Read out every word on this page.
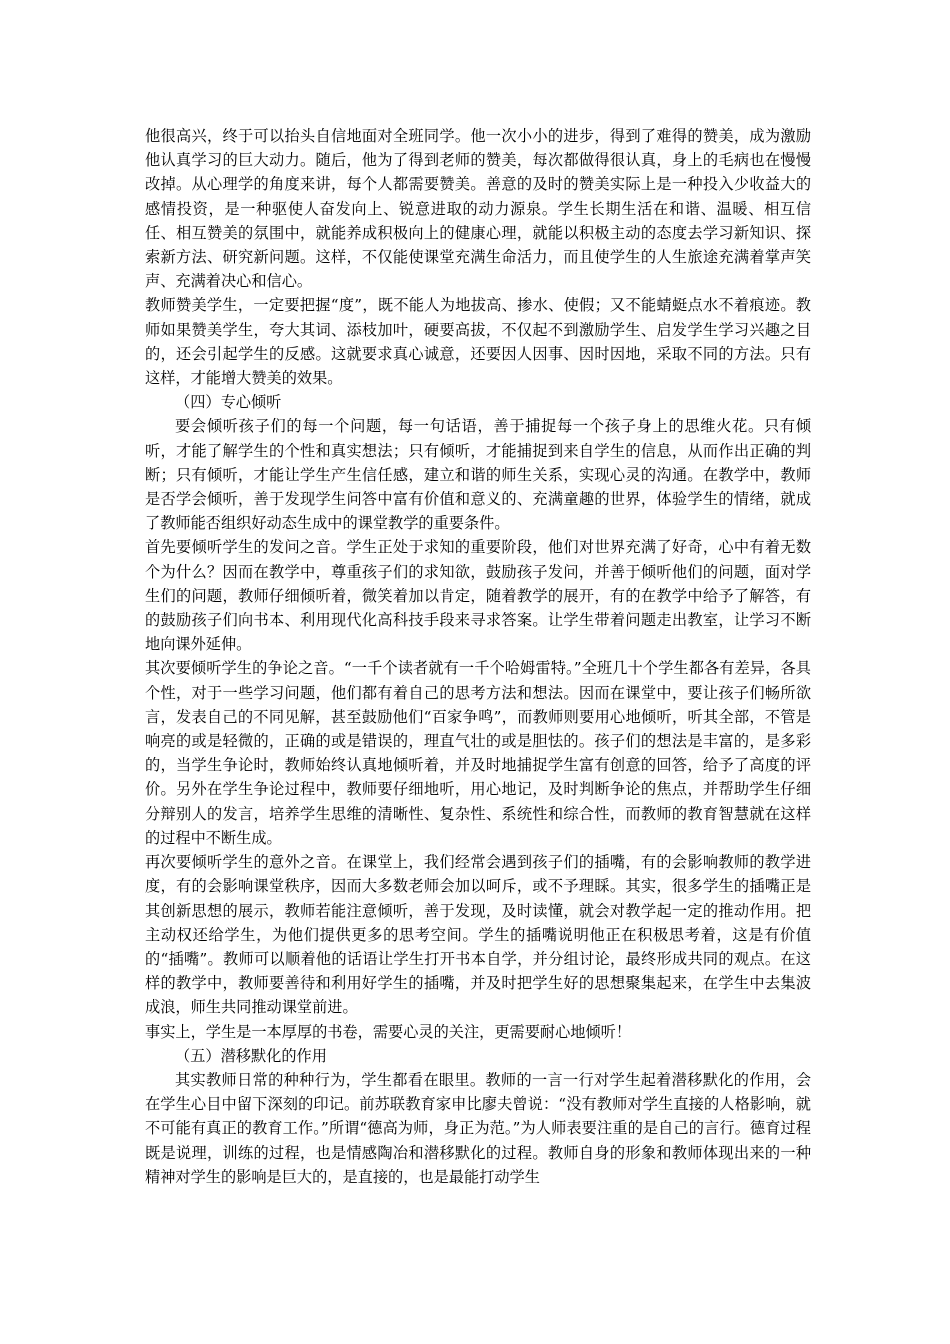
他很高兴，终于可以抬头自信地面对全班同学。他一次小小的进步，得到了难得的赞美，成为激励他认真学习的巨大动力。随后，他为了得到老师的赞美，每次都做得很认真，身上的毛病也在慢慢改掉。从心理学的角度来讲，每个人都需要赞美。善意的及时的赞美实际上是一种投入少收益大的感情投资，是一种驱使人奋发向上、锐意进取的动力源泉。学生长期生活在和谐、温暖、相互信任、相互赞美的氛围中，就能养成积极向上的健康心理，就能以积极主动的态度去学习新知识、探索新方法、研究新问题。这样，不仅能使课堂充满生命活力，而且使学生的人生旅途充满着掌声笑声、充满着决心和信心。

教师赞美学生，一定要把握“度”，既不能人为地拔高、掺水、使假；又不能蜻蜓点水不着痕迹。教师如果赞美学生，夸大其词、添枝加叶，硬要高拔，不仅起不到激励学生、启发学生学习兴趣之目的，还会引起学生的反感。这就要求真心诚意，还要因人因事、因时因地，采取不同的方法。只有这样，才能增大赞美的效果。

（四）专心倾听

要会倾听孩子们的每一个问题，每一句话语，善于捕捉每一个孩子身上的思维火花。只有倾听，才能了解学生的个性和真实想法；只有倾听，才能捕捉到来自学生的信息，从而作出正确的判断；只有倾听，才能让学生产生信任感，建立和谐的师生关系，实现心灵的沟通。在教学中，教师是否学会倾听，善于发现学生问答中富有价值和意义的、充满童趣的世界，体验学生的情绪，就成了教师能否组织好动态生成中的课堂教学的重要条件。

首先要倾听学生的发问之音。学生正处于求知的重要阶段，他们对世界充满了好奇，心中有着无数个为什么？因而在教学中，尊重孩子们的求知欲，鼓励孩子发问，并善于倾听他们的问题，面对学生们的问题，教师仔细倾听着，微笑着加以肯定，随着教学的展开，有的在教学中给予了解答，有的鼓励孩子们向书本、利用现代化高科技手段来寻求答案。让学生带着问题走出教室，让学习不断地向课外延伸。

其次要倾听学生的争论之音。“一千个读者就有一千个哈姆雷特。”全班几十个学生都各有差异，各具个性，对于一些学习问题，他们都有着自己的思考方法和想法。因而在课堂中，要让孩子们畅所欲言，发表自己的不同见解，甚至鼓励他们“百家争鸣”，而教师则要用心地倾听，听其全部，不管是响亮的或是轻微的，正确的或是错误的，理直气壮的或是胆怯的。孩子们的想法是丰富的，是多彩的，当学生争论时，教师始终认真地倾听着，并及时地捕捉学生富有创意的回答，给予了高度的评价。另外在学生争论过程中，教师要仔细地听，用心地记，及时判断争论的焦点，并帮助学生仔细分辩别人的发言，培养学生思维的清晰性、复杂性、系统性和综合性，而教师的教育智慧就在这样的过程中不断生成。

再次要倾听学生的意外之音。在课堂上，我们经常会遇到孩子们的插嘴，有的会影响教师的教学进度，有的会影响课堂秩序，因而大多数老师会加以呵斥，或不予理睬。其实，很多学生的插嘴正是其创新思想的展示，教师若能注意倾听，善于发现，及时读懂，就会对教学起一定的推动作用。把主动权还给学生，为他们提供更多的思考空间。学生的插嘴说明他正在积极思考着，这是有价值的“插嘴”。教师可以顺着他的话语让学生打开书本自学，并分组讨论，最终形成共同的观点。在这样的教学中，教师要善待和利用好学生的插嘴，并及时把学生好的思想聚集起来，在学生中去集波成浪，师生共同推动课堂前进。

事实上，学生是一本厚厚的书卷，需要心灵的关注，更需要耐心地倾听！

（五）潜移默化的作用

其实教师日常的种种行为，学生都看在眼里。教师的一言一行对学生起着潜移默化的作用，会在学生心目中留下深刻的印记。前苏联教育家申比廖夫曾说：“没有教师对学生直接的人格影响，就不可能有真正的教育工作。”所谓“德高为师，身正为范。”为人师表要注重的是自己的言行。德育过程既是说理，训练的过程，也是情感陶冶和潜移默化的过程。教师自身的形象和教师体现出来的一种精神对学生的影响是巨大的，是直接的，也是最能打动学生
